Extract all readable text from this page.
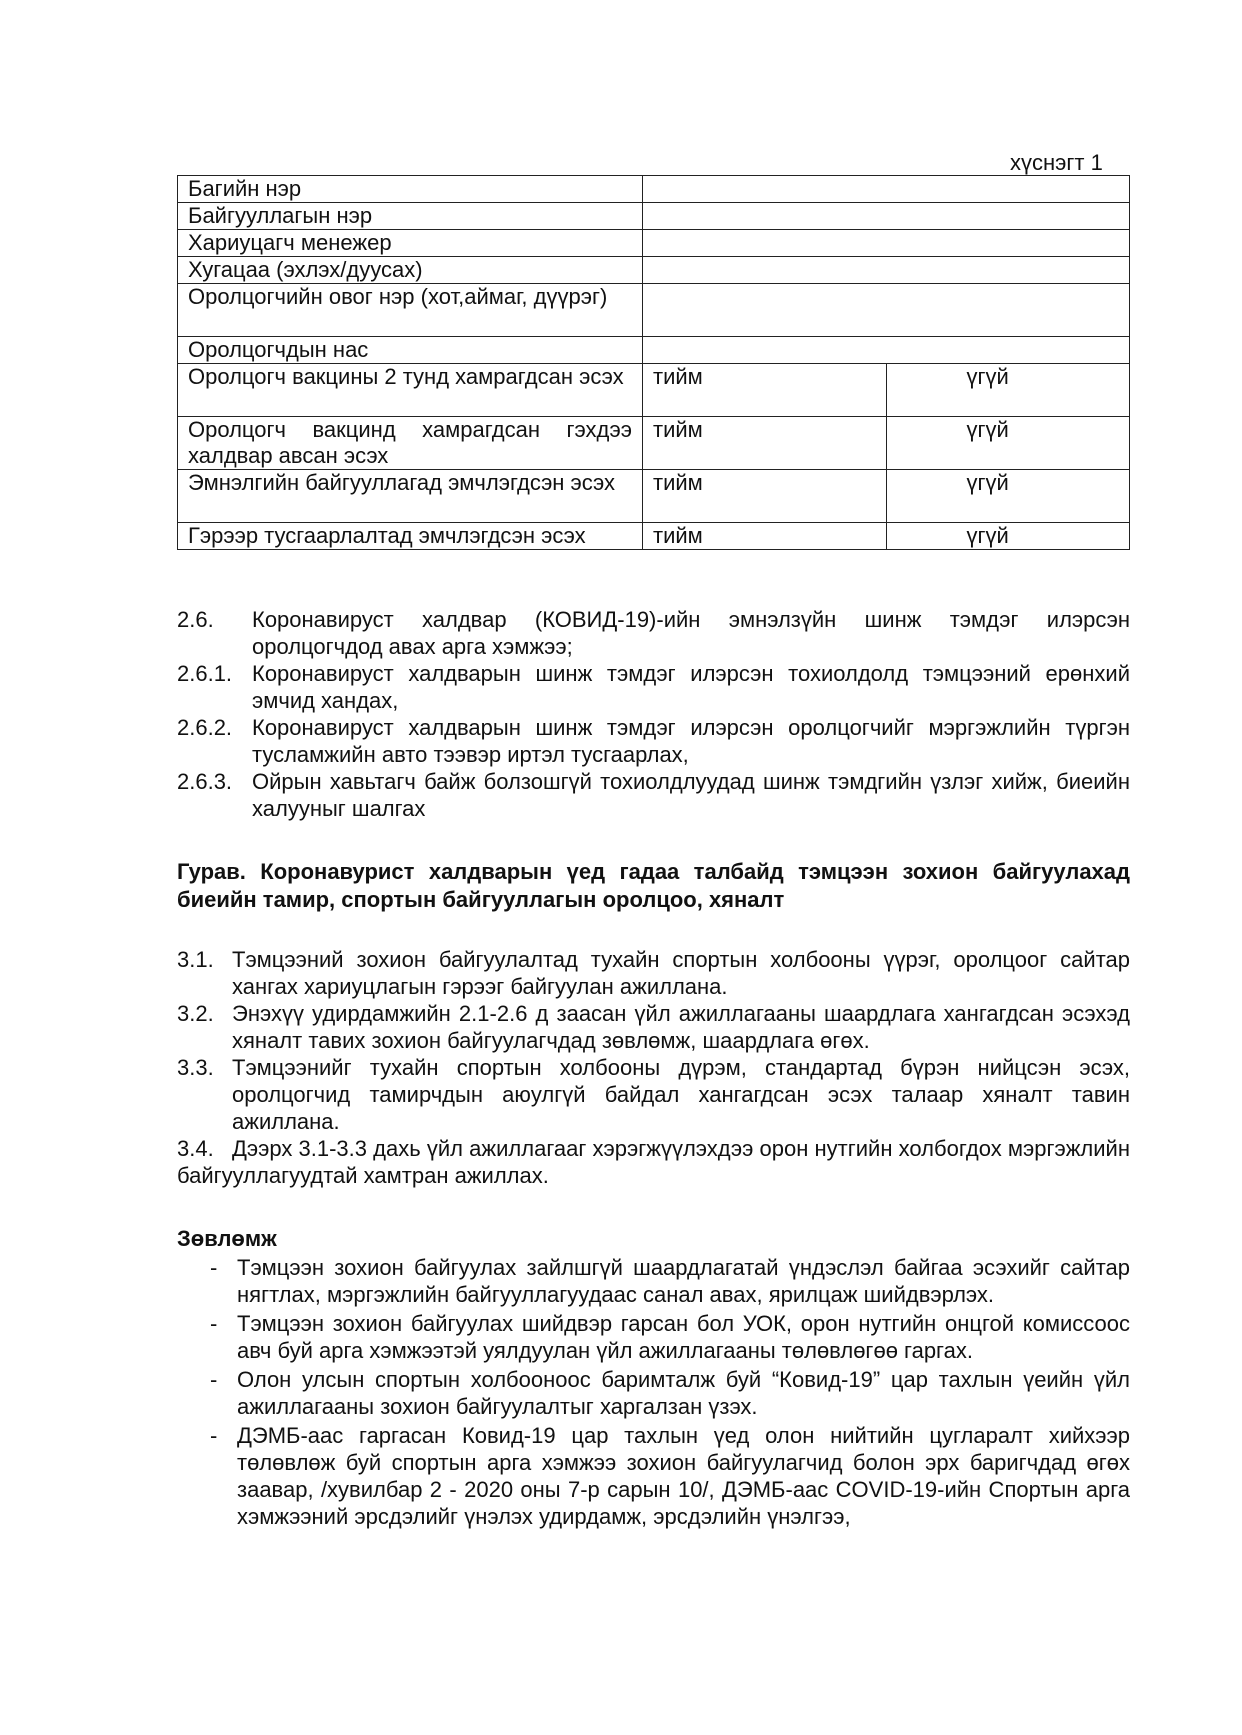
хүснэгт 1
Багийн нэр		
Байгууллагын нэр		
Хариуцагч менежер		
Хугацаа (эхлэх/дуусах)		
Оролцогчийн овог нэр (хот,аймаг, дүүрэг)		
Оролцогчдын нас		
Оролцогч вакцины 2 тунд хамрагдсан эсэх	тийм	үгүй
Оролцогч вакцинд хамрагдсан гэхдээ халдвар авсан эсэх	тийм	үгүй
Эмнэлгийн байгууллагад эмчлэгдсэн эсэх	тийм	үгүй
Гэрээр тусгаарлалтад эмчлэгдсэн эсэх	тийм	үгүй
2.6. Коронавируст халдвар (КОВИД-19)-ийн эмнэлзүйн шинж тэмдэг илэрсэн оролцогчдод авах арга хэмжээ;
2.6.1. Коронавируст халдварын шинж тэмдэг илэрсэн тохиолдолд тэмцээний ерөнхий эмчид хандах,
2.6.2. Коронавируст халдварын шинж тэмдэг илэрсэн оролцогчийг мэргэжлийн түргэн тусламжийн авто тээвэр иртэл тусгаарлах,
2.6.3. Ойрын хавьтагч байж болзошгүй тохиолдлуудад шинж тэмдгийн үзлэг хийж, биеийн халууныг шалгах
Гурав. Коронавурист халдварын үед гадаа талбайд тэмцээн зохион байгуулахад биеийн тамир, спортын байгууллагын оролцоо, хяналт
3.1. Тэмцээний зохион байгуулалтад тухайн спортын холбооны үүрэг, оролцоог сайтар хангах хариуцлагын гэрээг байгуулан ажиллана.
3.2. Энэхүү удирдамжийн 2.1-2.6 д заасан үйл ажиллагааны шаардлага хангагдсан эсэхэд хяналт тавих зохион байгуулагчдад зөвлөмж, шаардлага өгөх.
3.3. Тэмцээнийг тухайн спортын холбооны дүрэм, стандартад бүрэн нийцсэн эсэх, оролцогчид тамирчдын аюулгүй байдал хангагдсан эсэх талаар хяналт тавин ажиллана.
3.4. Дээрх 3.1-3.3 дахь үйл ажиллагааг хэрэгжүүлэхдээ орон нутгийн холбогдох мэргэжлийн байгууллагуудтай хамтран ажиллах.
Зөвлөмж
- Тэмцээн зохион байгуулах зайлшгүй шаардлагатай үндэслэл байгаа эсэхийг сайтар нягтлах, мэргэжлийн байгууллагуудаас санал авах, ярилцаж шийдвэрлэх.
- Тэмцээн зохион байгуулах шийдвэр гарсан бол УОК, орон нутгийн онцгой комиссоос авч буй арга хэмжээтэй уялдуулан үйл ажиллагааны төлөвлөгөө гаргах.
- Олон улсын спортын холбооноос баримталж буй “Ковид-19” цар тахлын үеийн үйл ажиллагааны зохион байгуулалтыг харгалзан үзэх.
- ДЭМБ-аас гаргасан Ковид-19 цар тахлын үед олон нийтийн цугларалт хийхээр төлөвлөж буй спортын арга хэмжээ зохион байгуулагчид болон эрх баригчдад өгөх заавар, /хувилбар 2 - 2020 оны 7-р сарын 10/, ДЭМБ-аас COVID-19-ийн Спортын арга хэмжээний эрсдэлийг үнэлэх удирдамж, эрсдэлийн үнэлгээ,
